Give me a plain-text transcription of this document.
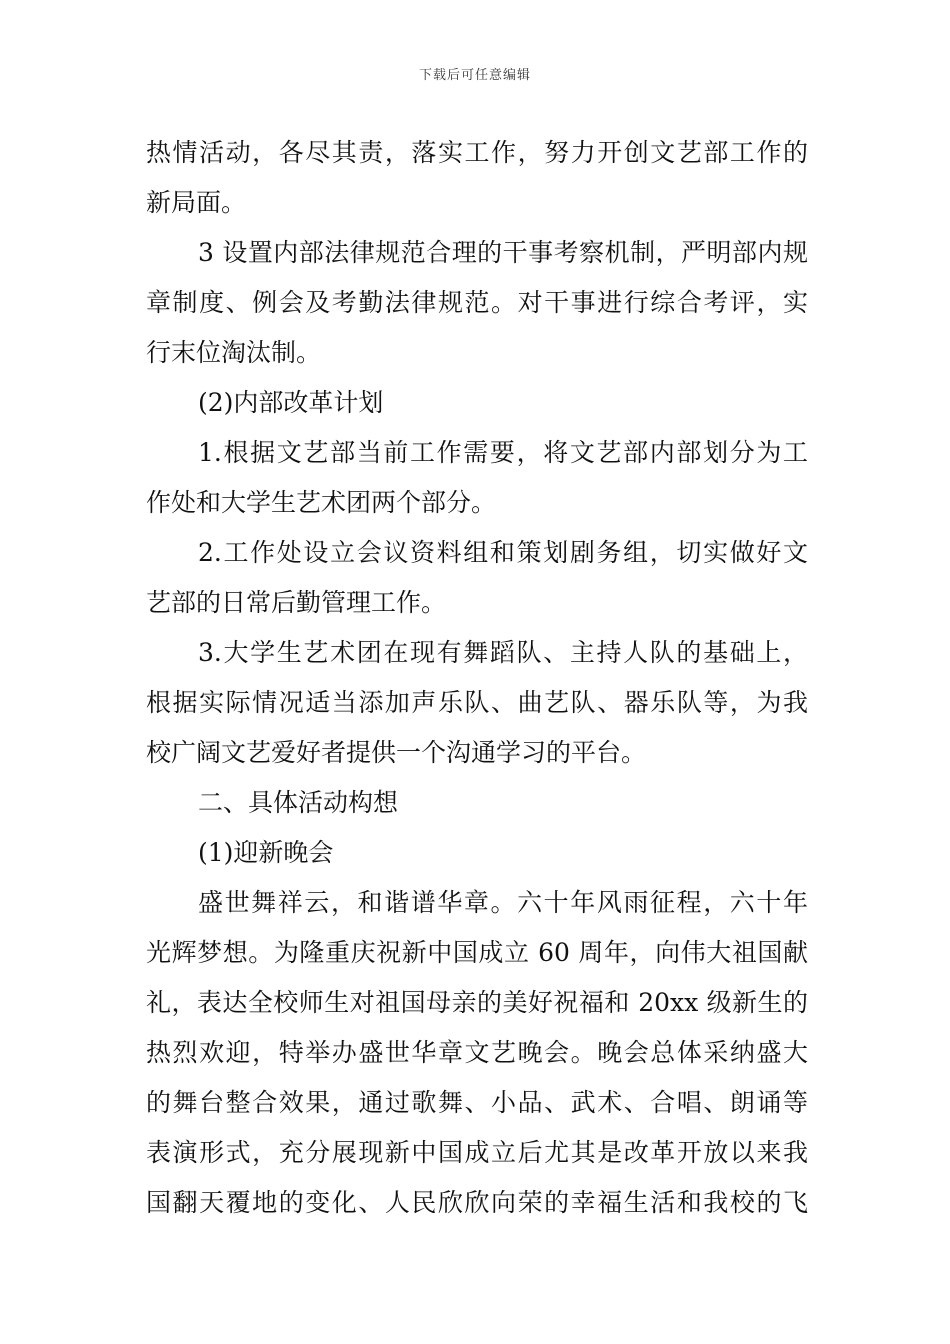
下载后可任意编辑
热情活动，各尽其责，落实工作，努力开创文艺部工作的
新局面。
3 设置内部法律规范合理的干事考察机制，严明部内规
章制度、例会及考勤法律规范。对干事进行综合考评，实
行末位淘汰制。
(2)内部改革计划
1.根据文艺部当前工作需要，将文艺部内部划分为工
作处和大学生艺术团两个部分。
2.工作处设立会议资料组和策划剧务组，切实做好文
艺部的日常后勤管理工作。
3.大学生艺术团在现有舞蹈队、主持人队的基础上，
根据实际情况适当添加声乐队、曲艺队、器乐队等，为我
校广阔文艺爱好者提供一个沟通学习的平台。
二、具体活动构想
(1)迎新晚会
盛世舞祥云，和谐谱华章。六十年风雨征程，六十年
光辉梦想。为隆重庆祝新中国成立 60 周年，向伟大祖国献
礼，表达全校师生对祖国母亲的美好祝福和 20xx 级新生的
热烈欢迎，特举办盛世华章文艺晚会。晚会总体采纳盛大
的舞台整合效果，通过歌舞、小品、武术、合唱、朗诵等
表演形式，充分展现新中国成立后尤其是改革开放以来我
国翻天覆地的变化、人民欣欣向荣的幸福生活和我校的飞
